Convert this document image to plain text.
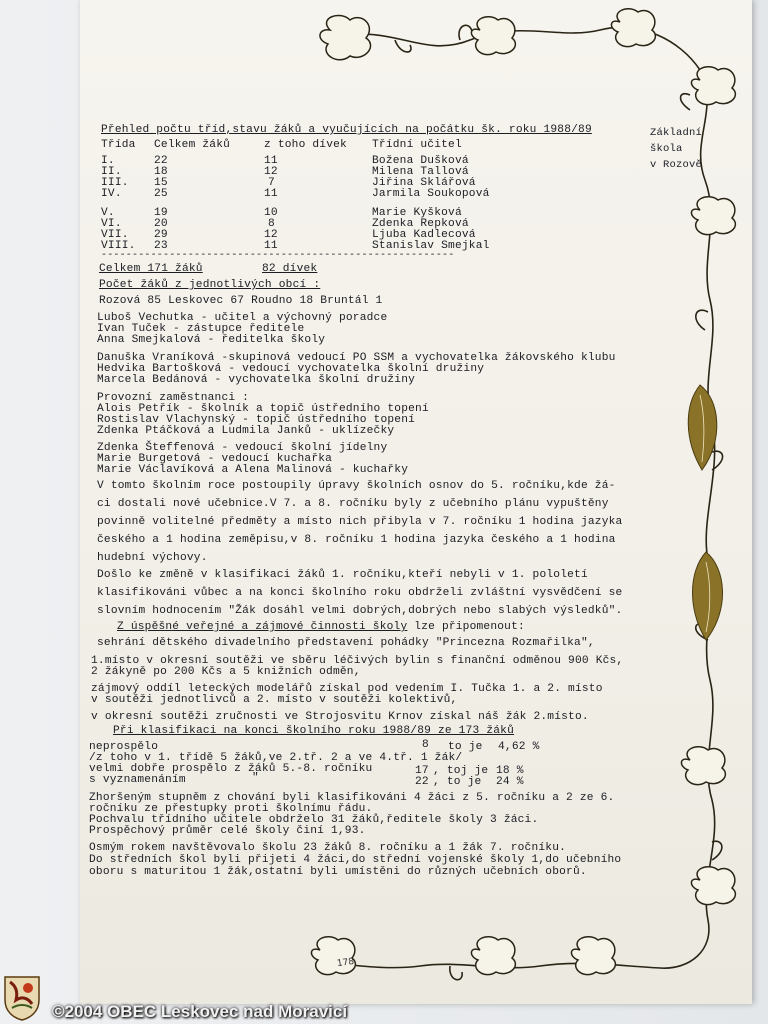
178
Základní
škola
v Rozově
Přehled počtu tříd,stavu žáků a vyučujících na počátku šk. roku 1988/89
Třída Celkem žáků	z toho dívek Třídní učitel
I.	22	11	Božena Dušková
II.	18	12	Milena Tallová
III. 15	7	Jiřina Sklářová
IV.	25	11	Jarmila Soukopová
V.	19	10	Marie Kyšková
VI.	20	8	Zdenka Repková
VII. 29	12	Ljuba Kadlecová
VIII. 23	11	Stanislav Smejkal
---------------------------------------------------------
Celkem 171 žáků	82 dívek
Počet žáků z jednotlivých obcí :
Rozová 85 Leskovec 67 Roudno 18 Bruntál 1
Luboš Vechutka - učitel a výchovný poradce
Ivan Tuček - zástupce ředitele
Anna Smejkalová - ředitelka školy
Danuška Vraníková -skupinová vedoucí PO SSM a vychovatelka žákovského klubu
Hedvika Bartošková - vedoucí vychovatelka školní družiny
Marcela Bedánová - vychovatelka školní družiny
Provozní zaměstnanci :
Alois Petřík - školník a topič ústředního topení
Rostislav Vlachynský - topič ústředního topení
Zdenka Ptáčková a Ludmila Janků - uklízečky
Zdenka Šteffenová - vedoucí školní jídelny
Marie Burgetová - vedoucí kuchařka
Marie Václavíková a Alena Malinová - kuchařky
V tomto školním roce postoupily úpravy školních osnov do 5. ročníku,kde žá-
ci dostali nové učebnice.V 7. a 8. ročníku byly z učebního plánu vypuštěny
povinně volitelné předměty a místo nich přibyla v 7. ročníku 1 hodina jazyka
českého a 1 hodina zeměpisu,v 8. ročníku 1 hodina jazyka českého a 1 hodina
hudební výchovy.
Došlo ke změně v klasifikaci žáků 1. ročníku,kteří nebyli v 1. pololetí
klasifikováni vůbec a na konci školního roku obdrželi zvláštní vysvědčení se
slovním hodnocením "Žák dosáhl velmi dobrých,dobrých nebo slabých výsledků".
Z úspěšné veřejné a zájmové činnosti školy lze připomenout:
sehrání dětského divadelního představení pohádky "Princezna Rozmařilka",
1.místo v okresní soutěži ve sběru léčivých bylin s finanční odměnou 900 Kčs,
2 žákyně po 200 Kčs a 5 knižních odměn,
zájmový oddíl leteckých modelářů získal pod vedením I. Tučka 1. a 2. místo
v soutěži jednotlivců a 2. místo v soutěži kolektivů,
v okresní soutěži zručnosti ve Strojosvitu Krnov získal náš žák 2.místo.
Při klasifikaci na konci školního roku 1988/89 ze 173 žáků
neprospělo	8 to je 4,62 %
/z toho v 1. třídě 5 žáků,ve 2.tř. 2 a ve 4.tř. 1 žák/
velmi dobře prospělo z žáků 5.-8. ročníku	17 , toj je 18 %
s vyznamenáním	"	22 , to je 24 %
Zhoršeným stupněm z chování byli klasifikováni 4 žáci z 5. ročníku a 2 ze 6.
ročníku ze přestupky proti školnímu řádu.
Pochvalu třídního učitele obdrželo 31 žáků,ředitele školy 3 žáci.
Prospěchový průměr celé školy činí 1,93.
Osmým rokem navštěvovalo školu 23 žáků 8. ročníku a 1 žák 7. ročníku.
Do středních škol byli přijeti 4 žáci,do střední vojenské školy 1,do učebního
oboru s maturitou 1 žák,ostatní byli umístěni do různých učebních oborů.
©2004 OBEC Leskovec nad Moravicí
